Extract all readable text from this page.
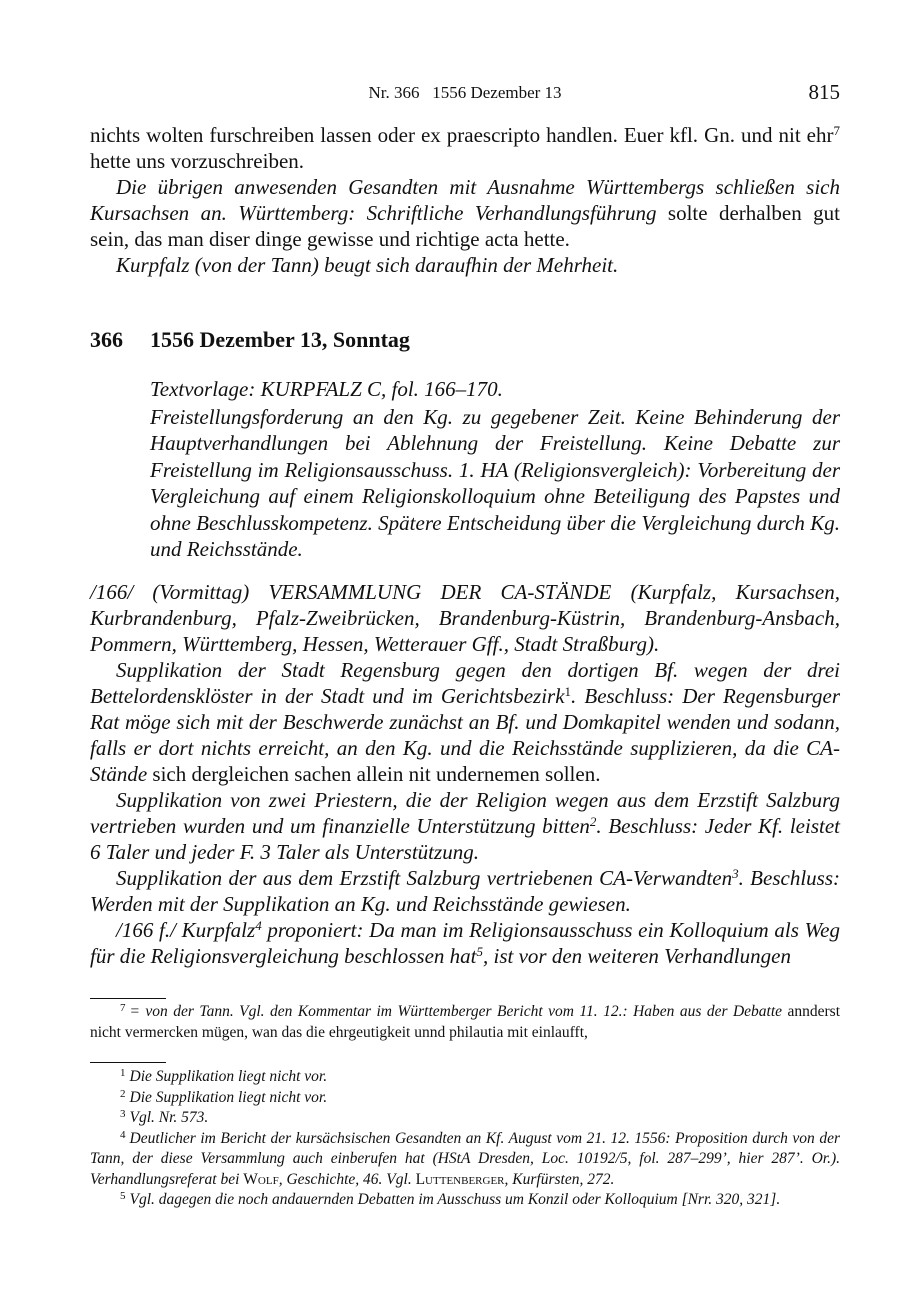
Nr. 366   1556 Dezember 13	815

nichts wolten furschreiben lassen oder ex praescripto handlen. Euer kfl. Gn. und nit ehr$^7$ hette uns vorzuschreiben.

Die übrigen anwesenden Gesandten mit Ausnahme Württembergs schließen sich Kursachsen an. Württemberg: Schriftliche Verhandlungsführung solte derhalben gut sein, das man diser dinge gewisse und richtige acta hette.

Kurpfalz (von der Tann) beugt sich daraufhin der Mehrheit.

366 1556 Dezember 13, Sonntag

Textvorlage: KURPFALZ C, fol. 166–170.

Freistellungsforderung an den Kg. zu gegebener Zeit. Keine Behinderung der Hauptverhandlungen bei Ablehnung der Freistellung. Keine Debatte zur Freistellung im Religionsausschuss. 1. HA (Religionsvergleich): Vorbereitung der Vergleichung auf einem Religionskolloquium ohne Beteiligung des Papstes und ohne Beschlusskompetenz. Spätere Entscheidung über die Vergleichung durch Kg. und Reichsstände.

/166/ (Vormittag) VERSAMMLUNG DER CA-STÄNDE (Kurpfalz, Kursachsen, Kurbrandenburg, Pfalz-Zweibrücken, Brandenburg-Küstrin, Brandenburg-Ansbach, Pommern, Württemberg, Hessen, Wetterauer Gff., Stadt Straßburg).

Supplikation der Stadt Regensburg gegen den dortigen Bf. wegen der drei Bettelordensklöster in der Stadt und im Gerichtsbezirk$^1$. Beschluss: Der Regensburger Rat möge sich mit der Beschwerde zunächst an Bf. und Domkapitel wenden und sodann, falls er dort nichts erreicht, an den Kg. und die Reichsstände supplizieren, da die CA-Stände sich dergleichen sachen allein nit undernemen sollen.

Supplikation von zwei Priestern, die der Religion wegen aus dem Erzstift Salzburg vertrieben wurden und um finanzielle Unterstützung bitten$^2$. Beschluss: Jeder Kf. leistet 6 Taler und jeder F. 3 Taler als Unterstützung.

Supplikation der aus dem Erzstift Salzburg vertriebenen CA-Verwandten$^3$. Beschluss: Werden mit der Supplikation an Kg. und Reichsstände gewiesen.

/166 f./ Kurpfalz$^4$ proponiert: Da man im Religionsausschuss ein Kolloquium als Weg für die Religionsvergleichung beschlossen hat$^5$, ist vor den weiteren Verhandlungen

$^7$ = von der Tann. Vgl. den Kommentar im Württemberger Bericht vom 11. 12.: Haben aus der Debatte annderst nicht vermercken mügen, wan das die ehrgeutigkeit unnd philautia mit einlaufft,

$^1$ Die Supplikation liegt nicht vor.

$^2$ Die Supplikation liegt nicht vor.

$^3$ Vgl. Nr. 573.

$^4$ Deutlicher im Bericht der kursächsischen Gesandten an Kf. August vom 21. 12. 1556: Proposition durch von der Tann, der diese Versammlung auch einberufen hat (HStA Dresden, Loc. 10192/5, fol. 287–299’, hier 287’. Or.). Verhandlungsreferat bei Wolf, Geschichte, 46. Vgl. Luttenberger, Kurfürsten, 272.

$^5$ Vgl. dagegen die noch andauernden Debatten im Ausschuss um Konzil oder Kolloquium [Nrr. 320, 321].
